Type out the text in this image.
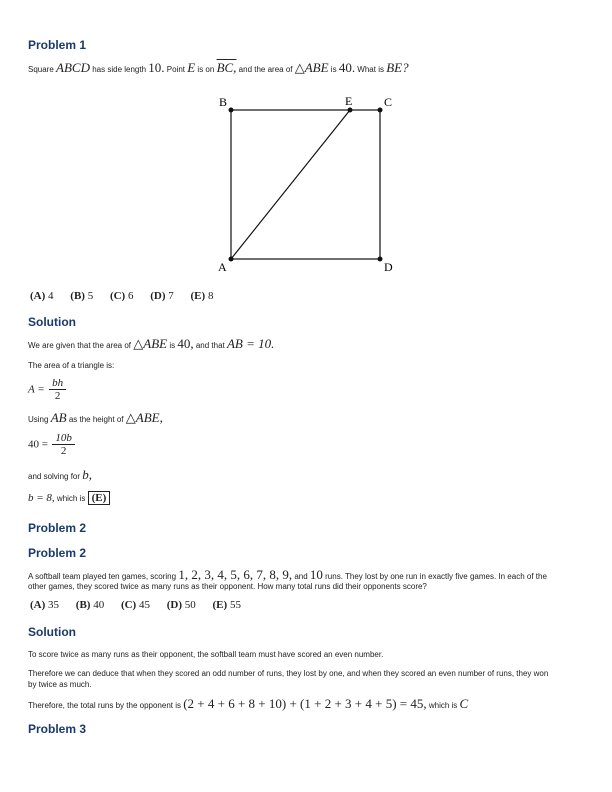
Problem 1
Square ABCD has side length 10. Point E is on BC, and the area of △ABE is 40. What is BE?
B	E	C
A	D
(A) 4 (B) 5 (C) 6 (D) 7 (E) 8
Solution
We are given that the area of △ABE is 40, and that AB = 10.
The area of a triangle is:
$A = \frac{bh}{2}$
Using AB as the height of △ABE,
$40 = \frac{10b}{2}$
and solving for b,
b = 8, which is (E)
Problem 2
Problem 2
A softball team played ten games, scoring 1, 2, 3, 4, 5, 6, 7, 8, 9, and 10 runs. They lost by one run in exactly five games. In each of the
other games, they scored twice as many runs as their opponent. How many total runs did their opponents score?
(A) 35 (B) 40 (C) 45 (D) 50 (E) 55
Solution
To score twice as many runs as their opponent, the softball team must have scored an even number.
Therefore we can deduce that when they scored an odd number of runs, they lost by one, and when they scored an even number of runs, they won
by twice as much.
Therefore, the total runs by the opponent is (2 + 4 + 6 + 8 + 10) + (1 + 2 + 3 + 4 + 5) = 45, which is C
Problem 3
